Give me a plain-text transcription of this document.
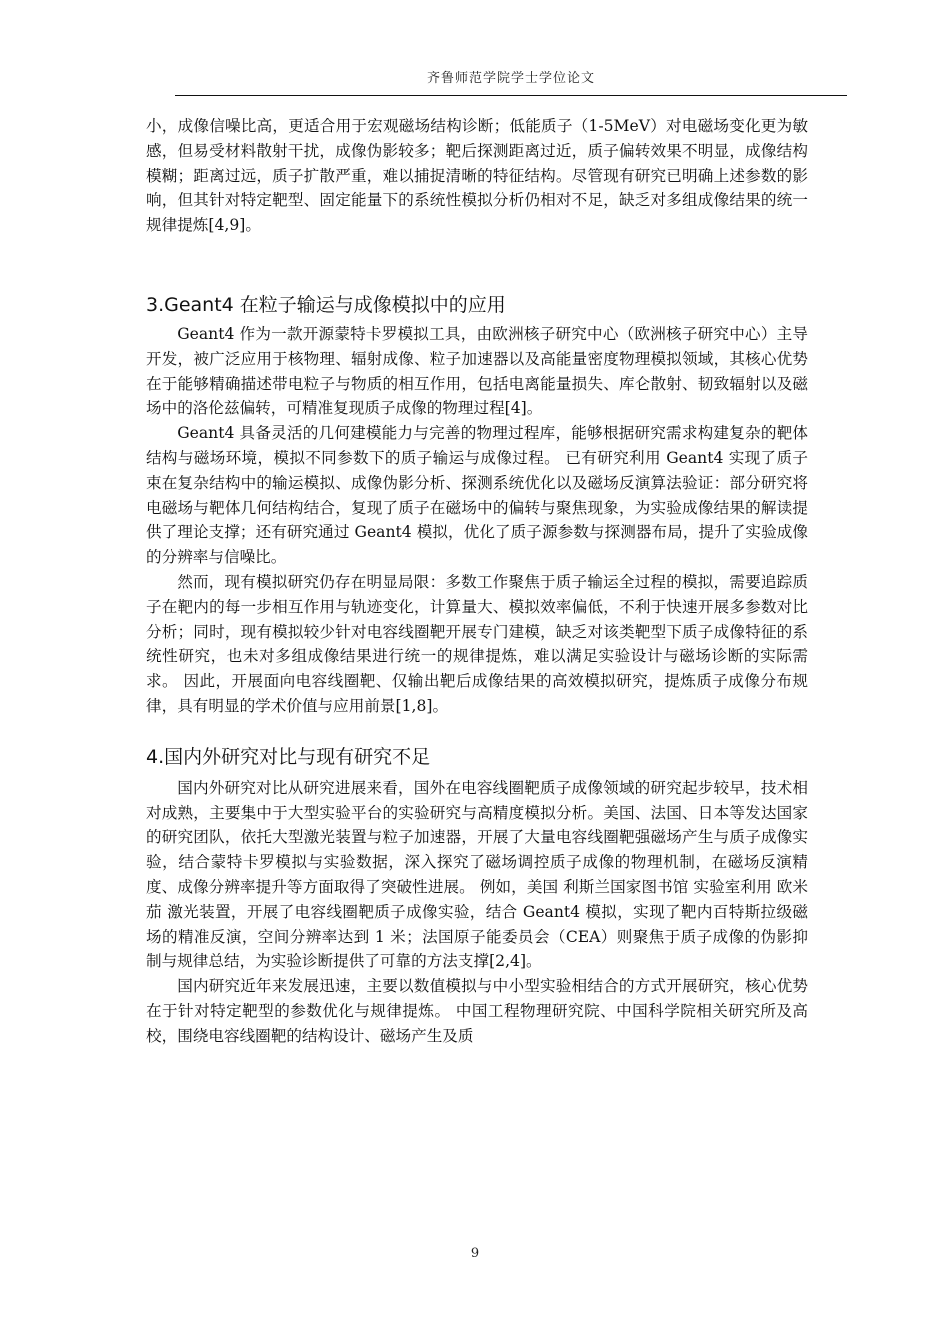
齐鲁师范学院学士学位论文

小，成像信噪比高，更适合用于宏观磁场结构诊断；低能质子（1-5MeV）对电磁场变化更为敏感，但易受材料散射干扰，成像伪影较多；靶后探测距离过近，质子偏转效果不明显，成像结构模糊；距离过远，质子扩散严重，难以捕捉清晰的特征结构。尽管现有研究已明确上述参数的影响，但其针对特定靶型、固定能量下的系统性模拟分析仍相对不足，缺乏对多组成像结果的统一规律提炼[4,9]。

3.Geant4 在粒子输运与成像模拟中的应用

Geant4 作为一款开源蒙特卡罗模拟工具，由欧洲核子研究中心（欧洲核子研究中心）主导开发，被广泛应用于核物理、辐射成像、粒子加速器以及高能量密度物理模拟领域，其核心优势在于能够精确描述带电粒子与物质的相互作用，包括电离能量损失、库仑散射、韧致辐射以及磁场中的洛伦兹偏转，可精准复现质子成像的物理过程[4]。

Geant4 具备灵活的几何建模能力与完善的物理过程库，能够根据研究需求构建复杂的靶体结构与磁场环境，模拟不同参数下的质子输运与成像过程。 已有研究利用 Geant4 实现了质子束在复杂结构中的输运模拟、成像伪影分析、探测系统优化以及磁场反演算法验证：部分研究将电磁场与靶体几何结构结合，复现了质子在磁场中的偏转与聚焦现象，为实验成像结果的解读提供了理论支撑；还有研究通过 Geant4 模拟，优化了质子源参数与探测器布局，提升了实验成像的分辨率与信噪比。

然而，现有模拟研究仍存在明显局限：多数工作聚焦于质子输运全过程的模拟，需要追踪质子在靶内的每一步相互作用与轨迹变化，计算量大、模拟效率偏低，不利于快速开展多参数对比分析；同时，现有模拟较少针对电容线圈靶开展专门建模，缺乏对该类靶型下质子成像特征的系统性研究，也未对多组成像结果进行统一的规律提炼，难以满足实验设计与磁场诊断的实际需求。 因此，开展面向电容线圈靶、仅输出靶后成像结果的高效模拟研究，提炼质子成像分布规律，具有明显的学术价值与应用前景[1,8]。

4.国内外研究对比与现有研究不足

国内外研究对比从研究进展来看，国外在电容线圈靶质子成像领域的研究起步较早，技术相对成熟，主要集中于大型实验平台的实验研究与高精度模拟分析。美国、法国、日本等发达国家的研究团队，依托大型激光装置与粒子加速器，开展了大量电容线圈靶强磁场产生与质子成像实验，结合蒙特卡罗模拟与实验数据，深入探究了磁场调控质子成像的物理机制，在磁场反演精度、成像分辨率提升等方面取得了突破性进展。 例如，美国 利斯兰国家图书馆 实验室利用 欧米茄 激光装置，开展了电容线圈靶质子成像实验，结合 Geant4 模拟，实现了靶内百特斯拉级磁场的精准反演，空间分辨率达到 1 米；法国原子能委员会（CEA）则聚焦于质子成像的伪影抑制与规律总结，为实验诊断提供了可靠的方法支撑[2,4]。

国内研究近年来发展迅速，主要以数值模拟与中小型实验相结合的方式开展研究，核心优势在于针对特定靶型的参数优化与规律提炼。 中国工程物理研究院、中国科学院相关研究所及高校，围绕电容线圈靶的结构设计、磁场产生及质

9
